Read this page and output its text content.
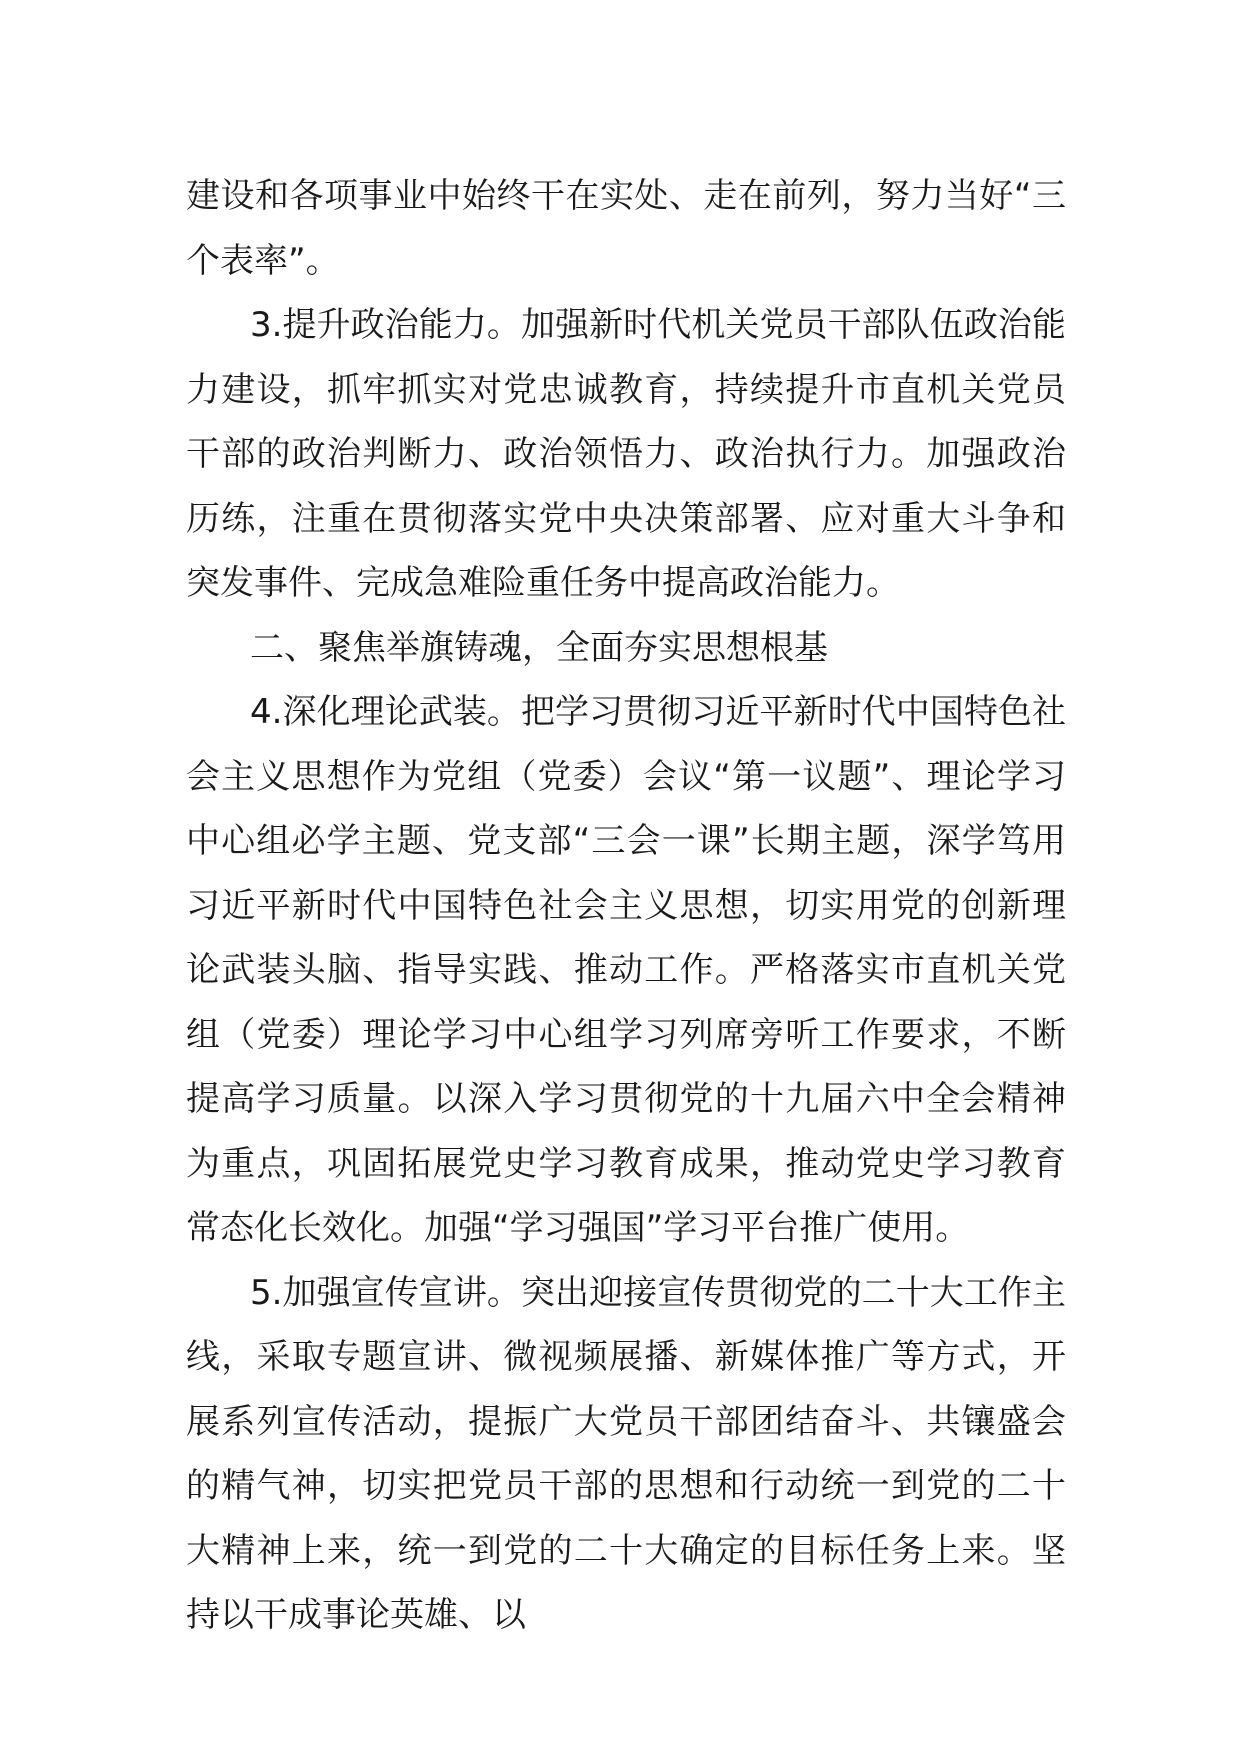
建设和各项事业中始终干在实处、走在前列，努力当好“三个表率”。

3.提升政治能力。加强新时代机关党员干部队伍政治能力建设，抓牢抓实对党忠诚教育，持续提升市直机关党员干部的政治判断力、政治领悟力、政治执行力。加强政治历练，注重在贯彻落实党中央决策部署、应对重大斗争和突发事件、完成急难险重任务中提高政治能力。

二、聚焦举旗铸魂，全面夯实思想根基

4.深化理论武装。把学习贯彻习近平新时代中国特色社会主义思想作为党组（党委）会议“第一议题”、理论学习中心组必学主题、党支部“三会一课”长期主题，深学笃用习近平新时代中国特色社会主义思想，切实用党的创新理论武装头脑、指导实践、推动工作。严格落实市直机关党组（党委）理论学习中心组学习列席旁听工作要求，不断提高学习质量。以深入学习贯彻党的十九届六中全会精神为重点，巩固拓展党史学习教育成果，推动党史学习教育常态化长效化。加强“学习强国”学习平台推广使用。

5.加强宣传宣讲。突出迎接宣传贯彻党的二十大工作主线，采取专题宣讲、微视频展播、新媒体推广等方式，开展系列宣传活动，提振广大党员干部团结奋斗、共镶盛会的精气神，切实把党员干部的思想和行动统一到党的二十大精神上来，统一到党的二十大确定的目标任务上来。坚持以干成事论英雄、以
